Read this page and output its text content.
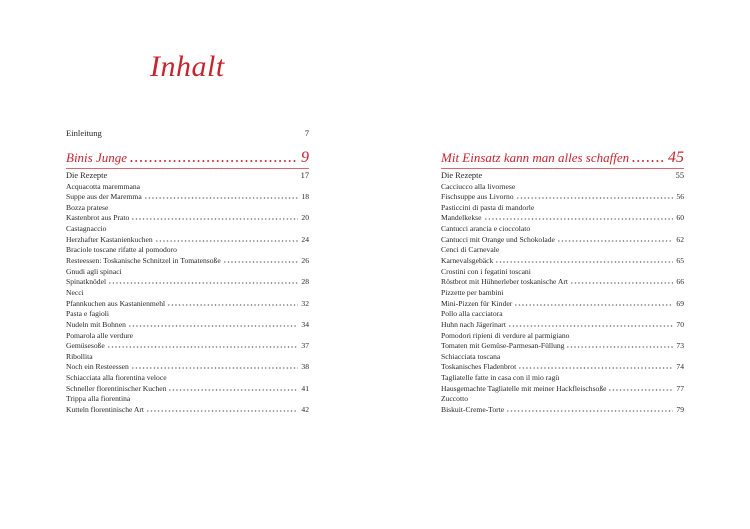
Inhalt
Einleitung	7
Binis Junge	9
Die Rezepte	17
Acquacotta maremmana
Suppe aus der Maremma	18
Bozza pratese
Kastenbrot aus Prato	20
Castagnaccio
Herzhafter Kastanienkuchen	24
Braciole toscane rifatte al pomodoro
Resteessen: Toskanische Schnitzel in Tomatensoße	26
Gnudi agli spinaci
Spinatknödel	28
Necci
Pfannkuchen aus Kastanienmehl	32
Pasta e fagioli
Nudeln mit Bohnen	34
Pomarola alle verdure
Gemüsesoße	37
Ribollita
Noch ein Resteessen	38
Schiacciata alla fiorentina veloce
Schneller florentinischer Kuchen	41
Trippa alla fiorentina
Kutteln florentinische Art	42
Mit Einsatz kann man alles schaffen 45
Die Rezepte	55
Cacciucco alla livornese
Fischsuppe aus Livorno	56
Pasticcini di pasta di mandorle
Mandelkekse	60
Cantucci arancia e cioccolato
Cantucci mit Orange und Schokolade	62
Cenci di Carnevale
Karnevalsgebäck	65
Crostini con i fegatini toscani
Röstbrot mit Hühnerleber toskanische Art	66
Pizzette per bambini
Mini-Pizzen für Kinder	69
Pollo alla cacciatora
Huhn nach Jägerinart	70
Pomodori ripieni di verdure al parmigiano
Tomaten mit Gemüse-Parmesan-Füllung	73
Schiacciata toscana
Toskanisches Fladenbrot	74
Tagliatelle fatte in casa con il mio ragù
Hausgemachte Tagliatelle mit meiner Hackfleischsoße	77
Zuccotto
Biskuit-Creme-Torte	79
